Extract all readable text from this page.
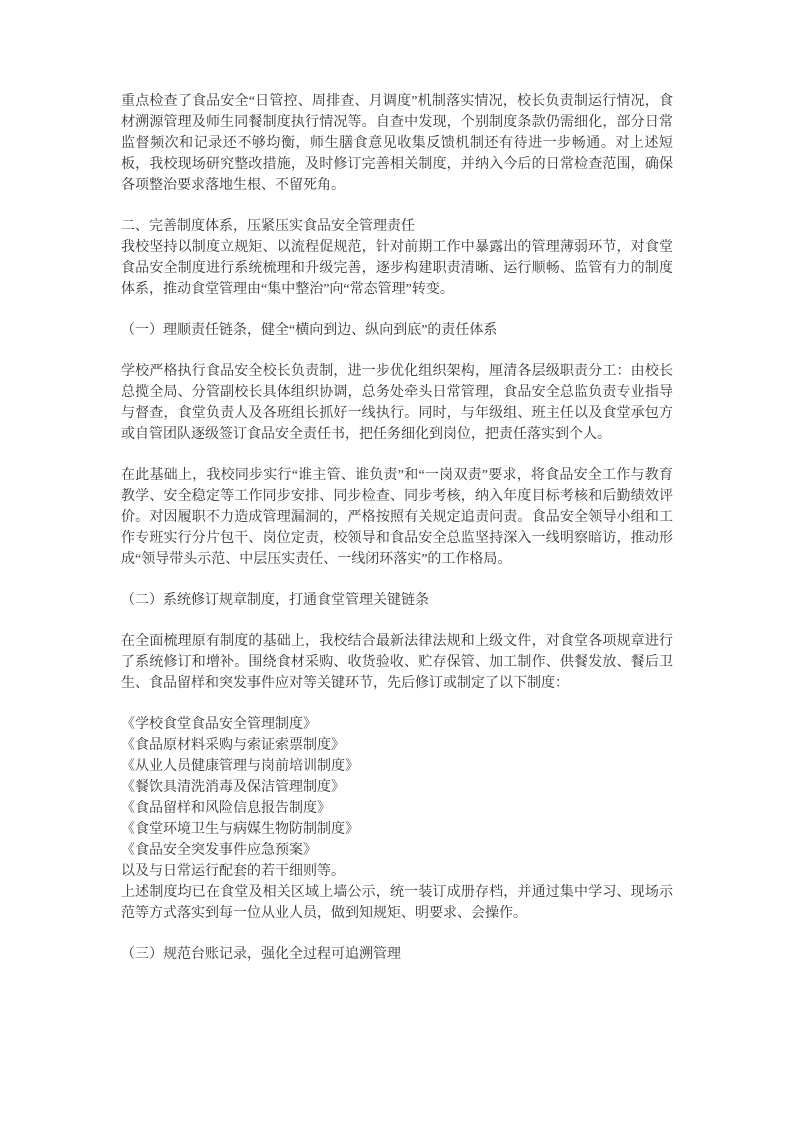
重点检查了食品安全“日管控、周排查、月调度”机制落实情况，校长负责制运行情况，食材溯源管理及师生同餐制度执行情况等。自查中发现，个别制度条款仍需细化，部分日常监督频次和记录还不够均衡，师生膳食意见收集反馈机制还有待进一步畅通。对上述短板，我校现场研究整改措施，及时修订完善相关制度，并纳入今后的日常检查范围，确保各项整治要求落地生根、不留死角。

二、完善制度体系，压紧压实食品安全管理责任

我校坚持以制度立规矩、以流程促规范，针对前期工作中暴露出的管理薄弱环节，对食堂食品安全制度进行系统梳理和升级完善，逐步构建职责清晰、运行顺畅、监管有力的制度体系，推动食堂管理由“集中整治”向“常态管理”转变。

（一）理顺责任链条，健全“横向到边、纵向到底”的责任体系

学校严格执行食品安全校长负责制，进一步优化组织架构，厘清各层级职责分工：由校长总揽全局、分管副校长具体组织协调，总务处牵头日常管理，食品安全总监负责专业指导与督查，食堂负责人及各班组长抓好一线执行。同时，与年级组、班主任以及食堂承包方或自管团队逐级签订食品安全责任书，把任务细化到岗位，把责任落实到个人。

在此基础上，我校同步实行“谁主管、谁负责”和“一岗双责”要求，将食品安全工作与教育教学、安全稳定等工作同步安排、同步检查、同步考核，纳入年度目标考核和后勤绩效评价。对因履职不力造成管理漏洞的，严格按照有关规定追责问责。食品安全领导小组和工作专班实行分片包干、岗位定责，校领导和食品安全总监坚持深入一线明察暗访，推动形成“领导带头示范、中层压实责任、一线闭环落实”的工作格局。

（二）系统修订规章制度，打通食堂管理关键链条

在全面梳理原有制度的基础上，我校结合最新法律法规和上级文件，对食堂各项规章进行了系统修订和增补。围绕食材采购、收货验收、贮存保管、加工制作、供餐发放、餐后卫生、食品留样和突发事件应对等关键环节，先后修订或制定了以下制度：

《学校食堂食品安全管理制度》
《食品原材料采购与索证索票制度》
《从业人员健康管理与岗前培训制度》
《餐饮具清洗消毒及保洁管理制度》
《食品留样和风险信息报告制度》
《食堂环境卫生与病媒生物防制制度》
《食品安全突发事件应急预案》
以及与日常运行配套的若干细则等。
上述制度均已在食堂及相关区域上墙公示，统一装订成册存档，并通过集中学习、现场示范等方式落实到每一位从业人员，做到知规矩、明要求、会操作。

（三）规范台账记录，强化全过程可追溯管理
